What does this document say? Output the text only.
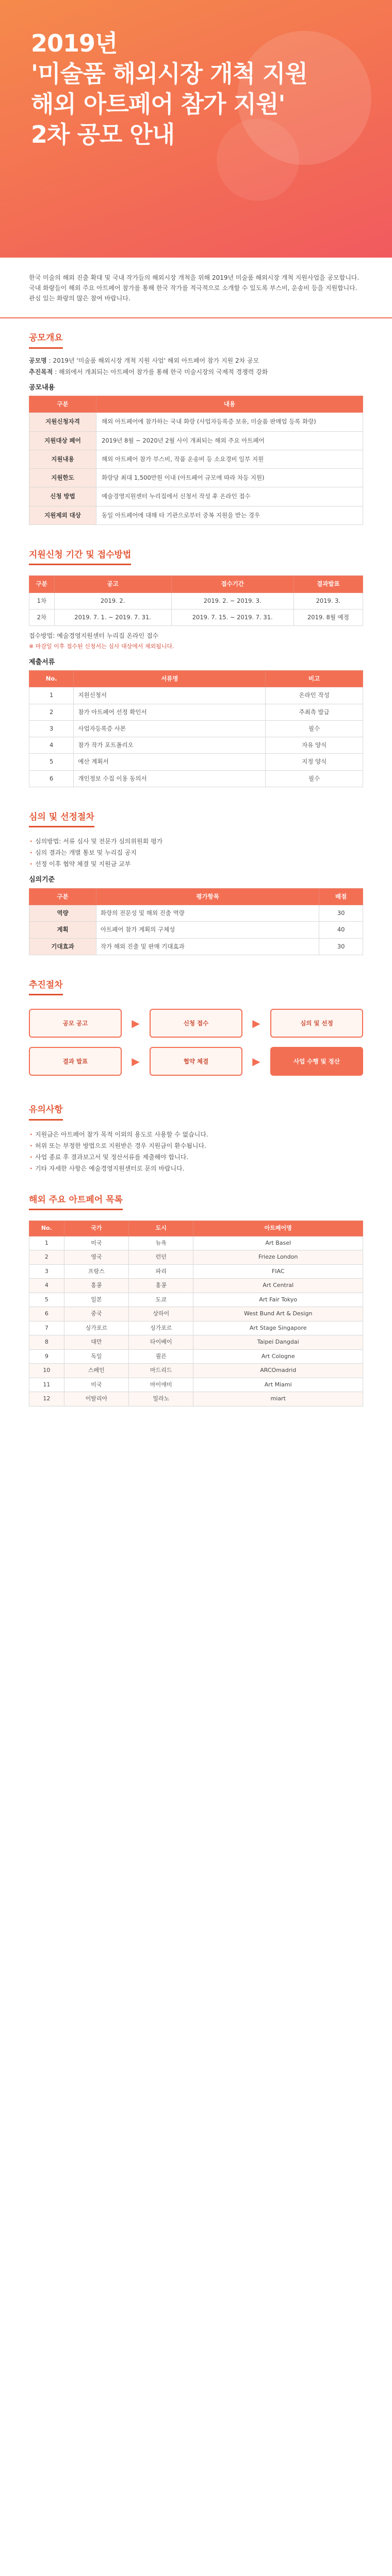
2019년
'미술품 해외시장 개척 지원
해외 아트페어 참가 지원'
2차 공모 안내

한국 미술의 해외 진출 확대 및 국내 작가들의 해외시장 개척을 위해 2019년 미술품 해외시장 개척 지원사업을 공모합니다.

국내 화랑들이 해외 주요 아트페어 참가를 통해 한국 작가를 적극적으로 소개할 수 있도록 부스비, 운송비 등을 지원합니다.

관심 있는 화랑의 많은 참여 바랍니다.

공모개요

공모명 : 2019년 '미술품 해외시장 개척 지원 사업' 해외 아트페어 참가 지원 2차 공모

추진목적 : 해외에서 개최되는 아트페어 참가를 통해 한국 미술시장의 국제적 경쟁력 강화

공모내용
구분	내용
지원신청자격	해외 아트페어에 참가하는 국내 화랑 (사업자등록증 보유, 미술품 판매업 등록 화랑)
지원대상 페어	2019년 8월 ~ 2020년 2월 사이 개최되는 해외 주요 아트페어
지원내용	해외 아트페어 참가 부스비, 작품 운송비 등 소요경비 일부 지원
지원한도	화랑당 최대 1,500만원 이내 (아트페어 규모에 따라 차등 지원)
신청 방법	예술경영지원센터 누리집에서 신청서 작성 후 온라인 접수
지원제외 대상	동일 아트페어에 대해 타 기관으로부터 중복 지원을 받는 경우
지원신청 기간 및 접수방법
구분	공고	접수기간	결과발표
1차	2019. 2.	2019. 2. ~ 2019. 3.	2019. 3.
2차	2019. 7. 1. ~ 2019. 7. 31.	2019. 7. 15. ~ 2019. 7. 31.	2019. 8월 예정

접수방법: 예술경영지원센터 누리집 온라인 접수

※ 마감일 이후 접수된 신청서는 심사 대상에서 제외됩니다.

제출서류
No.	서류명	비고
1	지원신청서	온라인 작성
2	참가 아트페어 선정 확인서	주최측 발급
3	사업자등록증 사본	필수
4	참가 작가 포트폴리오	자유 양식
5	예산 계획서	지정 양식
6	개인정보 수집 이용 동의서	필수
심의 및 선정절차
· 심의방법: 서류 심사 및 전문가 심의위원회 평가
· 심의 결과는 개별 통보 및 누리집 공지
· 선정 이후 협약 체결 및 지원금 교부
심의기준
구분	평가항목	배점
역량	화랑의 전문성 및 해외 진출 역량	30
계획	아트페어 참가 계획의 구체성	40
기대효과	작가 해외 진출 및 판매 기대효과	30
추진절차
공모 공고	▶	신청 접수	▶	심의 및 선정
결과 발표	▶	협약 체결	▶	사업 수행 및 정산
유의사항
· 지원금은 아트페어 참가 목적 이외의 용도로 사용할 수 없습니다.
· 허위 또는 부정한 방법으로 지원받은 경우 지원금이 환수됩니다.
· 사업 종료 후 결과보고서 및 정산서류를 제출해야 합니다.
· 기타 자세한 사항은 예술경영지원센터로 문의 바랍니다.
해외 주요 아트페어 목록
No.	국가	도시	아트페어명
1	미국	뉴욕	Art Basel
2	영국	런던	Frieze London
3	프랑스	파리	FIAC
4	홍콩	홍콩	Art Central
5	일본	도쿄	Art Fair Tokyo
6	중국	상하이	West Bund Art & Design
7	싱가포르	싱가포르	Art Stage Singapore
8	대만	타이베이	Taipei Dangdai
9	독일	쾰른	Art Cologne
10	스페인	마드리드	ARCOmadrid
11	미국	마이애미	Art Miami
12	이탈리아	밀라노	miart
